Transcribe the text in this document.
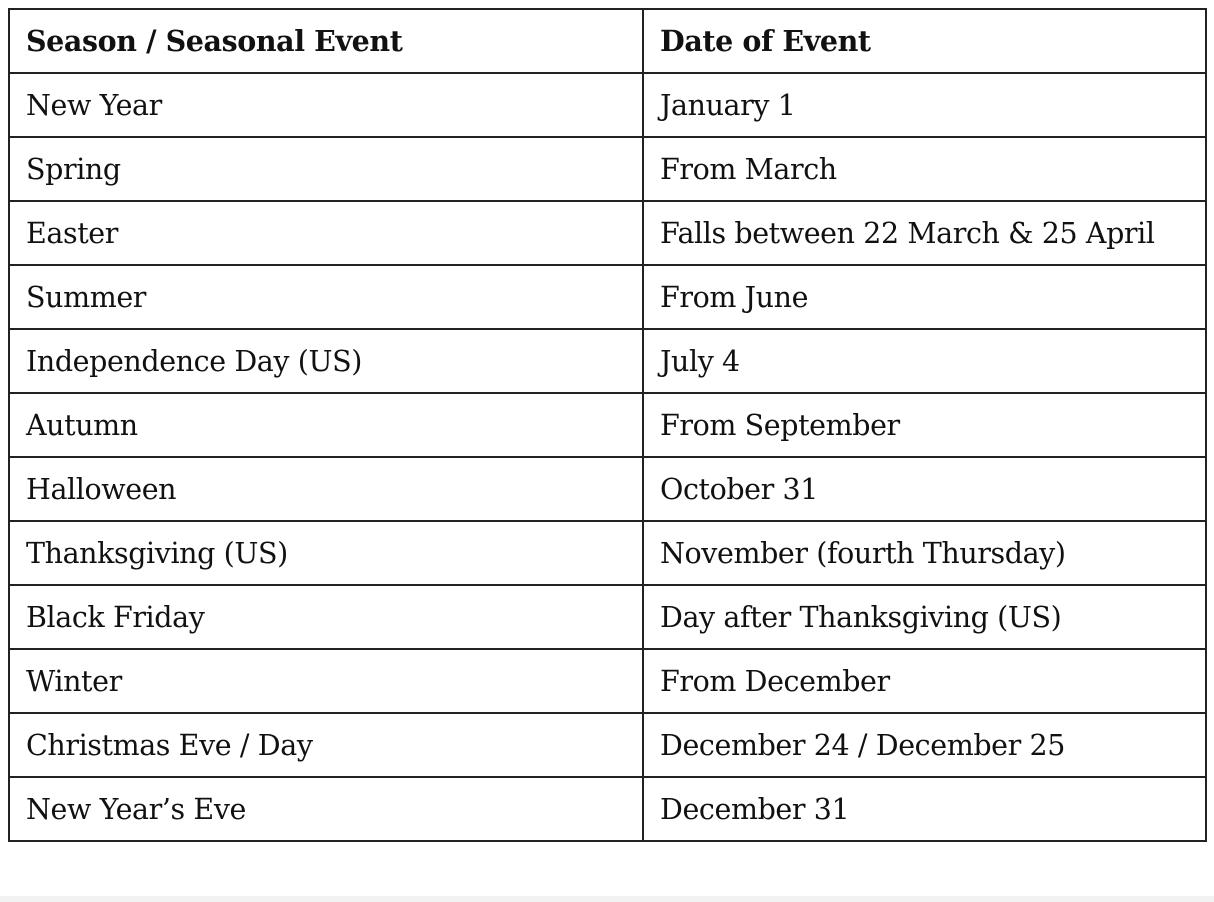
Season / Seasonal Event	Date of Event
New Year	January 1
Spring	From March
Easter	Falls between 22 March & 25 April
Summer	From June
Independence Day (US)	July 4
Autumn	From September
Halloween	October 31
Thanksgiving (US)	November (fourth Thursday)
Black Friday	Day after Thanksgiving (US)
Winter	From December
Christmas Eve / Day	December 24 / December 25
New Year’s Eve	December 31
